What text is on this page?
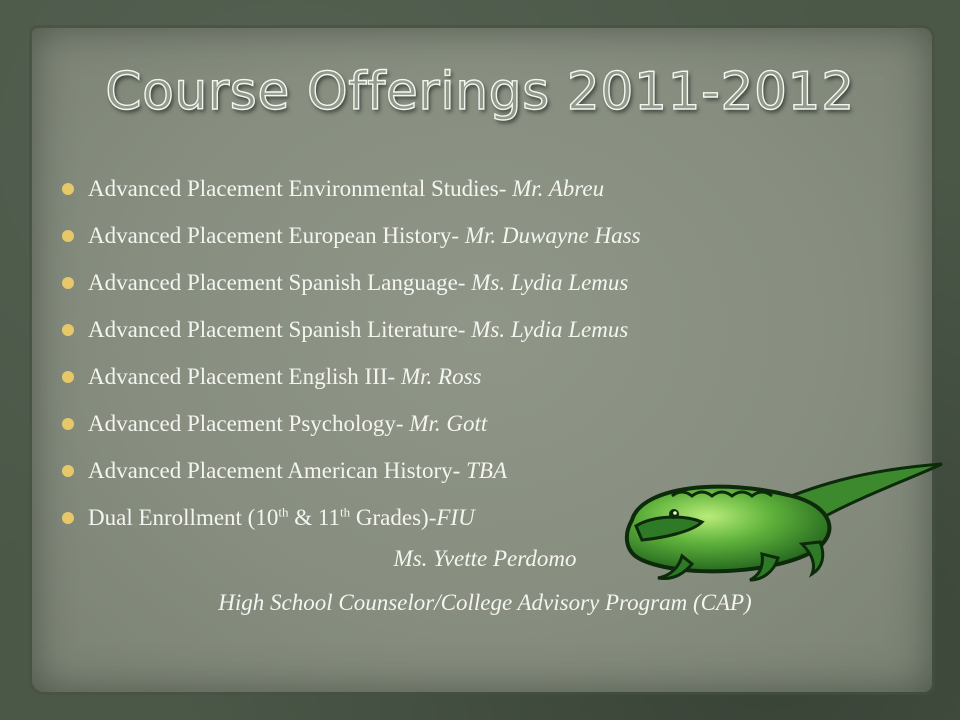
Course Offerings 2011-2012
Advanced Placement Environmental Studies- Mr. Abreu
Advanced Placement European History- Mr. Duwayne Hass
Advanced Placement Spanish Language- Ms. Lydia Lemus
Advanced Placement Spanish Literature- Ms. Lydia Lemus
Advanced Placement English III- Mr. Ross
Advanced Placement Psychology- Mr. Gott
Advanced Placement American History- TBA
Dual Enrollment (10th & 11th Grades)-FIU
Ms. Yvette Perdomo
High School Counselor/College Advisory Program (CAP)
